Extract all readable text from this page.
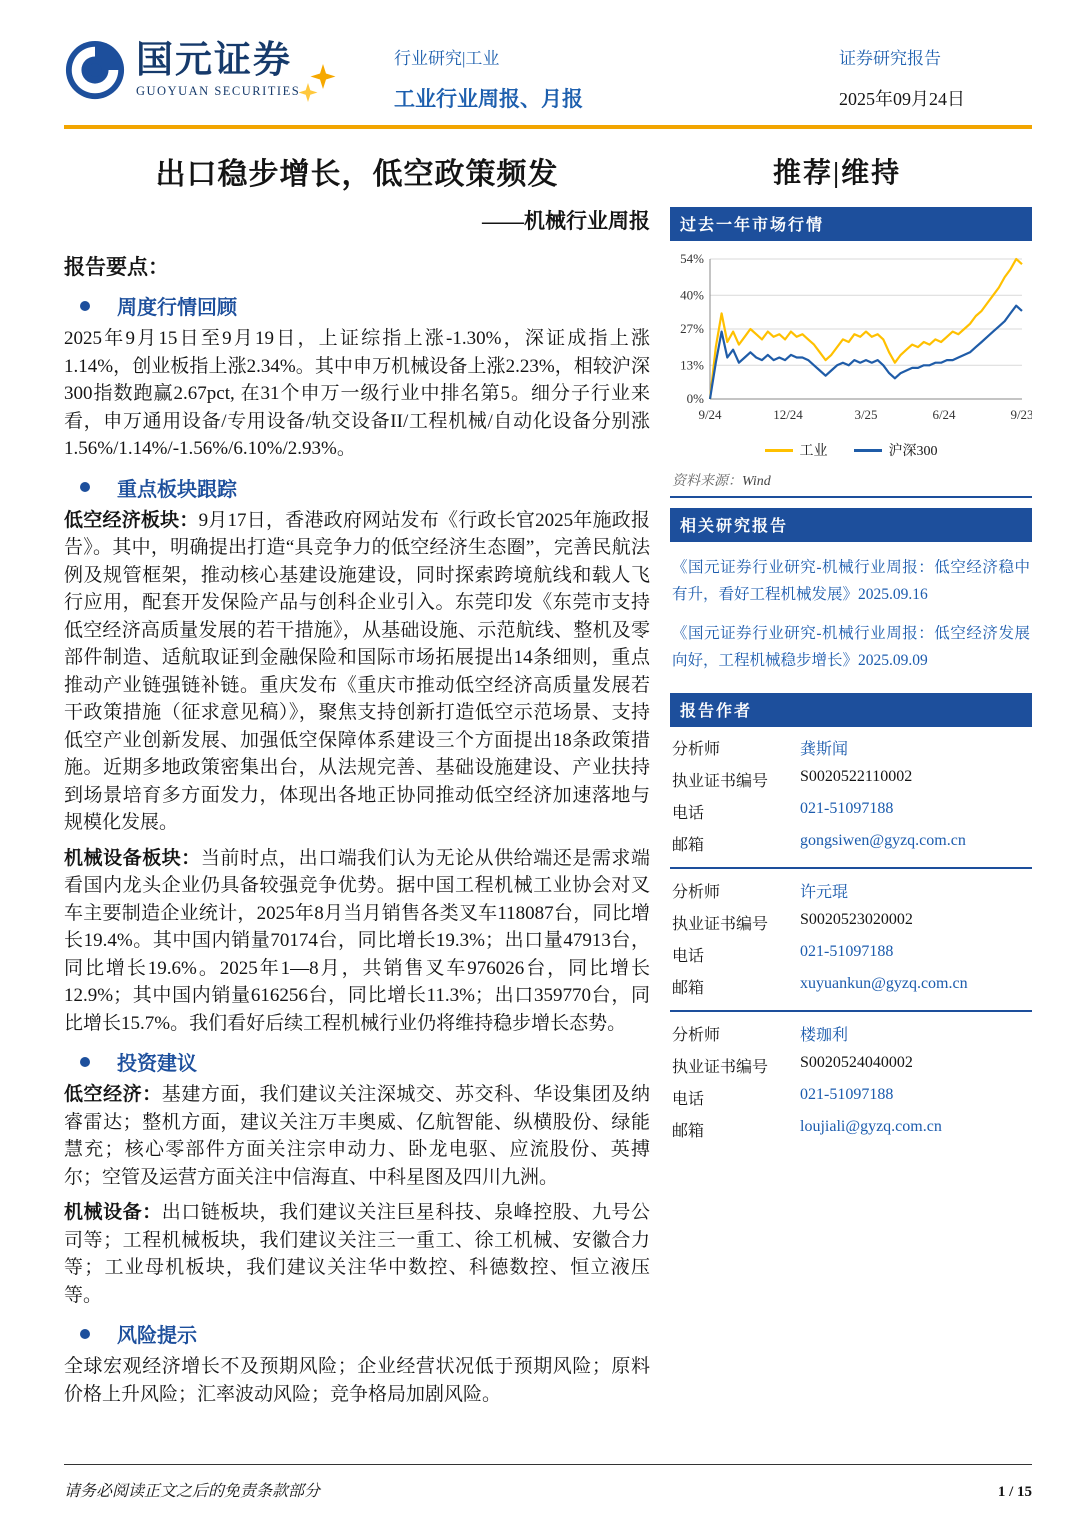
国元证券
GUOYUAN SECURITIES
行业研究|工业
工业行业周报、月报
证券研究报告
2025年09月24日
出口稳步增长，低空政策频发
——机械行业周报
报告要点：
周度行情回顾

2025年9月15日至9月19日，上证综指上涨-1.30%，深证成指上涨1.14%，创业板指上涨2.34%。其中申万机械设备上涨2.23%，相较沪深300指数跑赢2.67pct, 在31个申万一级行业中排名第5。细分子行业来看，申万通用设备/专用设备/轨交设备II/工程机械/自动化设备分别涨1.56%/1.14%/-1.56%/6.10%/2.93%。

重点板块跟踪

低空经济板块：9月17日，香港政府网站发布《行政长官2025年施政报告》。其中，明确提出打造“具竞争力的低空经济生态圈”，完善民航法例及规管框架，推动核心基建设施建设，同时探索跨境航线和载人飞行应用，配套开发保险产品与创科企业引入。东莞印发《东莞市支持低空经济高质量发展的若干措施》，从基础设施、示范航线、整机及零部件制造、适航取证到金融保险和国际市场拓展提出14条细则，重点推动产业链强链补链。重庆发布《重庆市推动低空经济高质量发展若干政策措施（征求意见稿）》，聚焦支持创新打造低空示范场景、支持低空产业创新发展、加强低空保障体系建设三个方面提出18条政策措施。近期多地政策密集出台，从法规完善、基础设施建设、产业扶持到场景培育多方面发力，体现出各地正协同推动低空经济加速落地与规模化发展。

机械设备板块：当前时点，出口端我们认为无论从供给端还是需求端看国内龙头企业仍具备较强竞争优势。据中国工程机械工业协会对叉车主要制造企业统计，2025年8月当月销售各类叉车118087台，同比增长19.4%。其中国内销量70174台，同比增长19.3%；出口量47913台，同比增长19.6%。2025年1—8月，共销售叉车976026台，同比增长12.9%；其中国内销量616256台，同比增长11.3%；出口359770台，同比增长15.7%。我们看好后续工程机械行业仍将维持稳步增长态势。

投资建议

低空经济：基建方面，我们建议关注深城交、苏交科、华设集团及纳睿雷达；整机方面，建议关注万丰奥威、亿航智能、纵横股份、绿能慧充；核心零部件方面关注宗申动力、卧龙电驱、应流股份、英搏尔；空管及运营方面关注中信海直、中科星图及四川九洲。

机械设备：出口链板块，我们建议关注巨星科技、泉峰控股、九号公司等；工程机械板块，我们建议关注三一重工、徐工机械、安徽合力等；工业母机板块，我们建议关注华中数控、科德数控、恒立液压等。

风险提示

全球宏观经济增长不及预期风险；企业经营状况低于预期风险；原料价格上升风险；汇率波动风险；竞争格局加剧风险。

推荐|维持
过去一年市场行情
0%
13%
27%
40%
54%
9/24	12/24	3/25	6/24	9/23
工业	沪深300
资料来源：Wind
相关研究报告

《国元证券行业研究-机械行业周报：低空经济稳中有升，看好工程机械发展》2025.09.16

《国元证券行业研究-机械行业周报：低空经济发展向好，工程机械稳步增长》2025.09.09

报告作者
分析师	龚斯闻
执业证书编号	S0020522110002
电话	021-51097188
邮箱	gongsiwen@gyzq.com.cn
分析师	许元琨
执业证书编号	S0020523020002
电话	021-51097188
邮箱	xuyuankun@gyzq.com.cn
分析师	楼珈利
执业证书编号	S0020524040002
电话	021-51097188
邮箱	loujiali@gyzq.com.cn
请务必阅读正文之后的免责条款部分	1 / 15
